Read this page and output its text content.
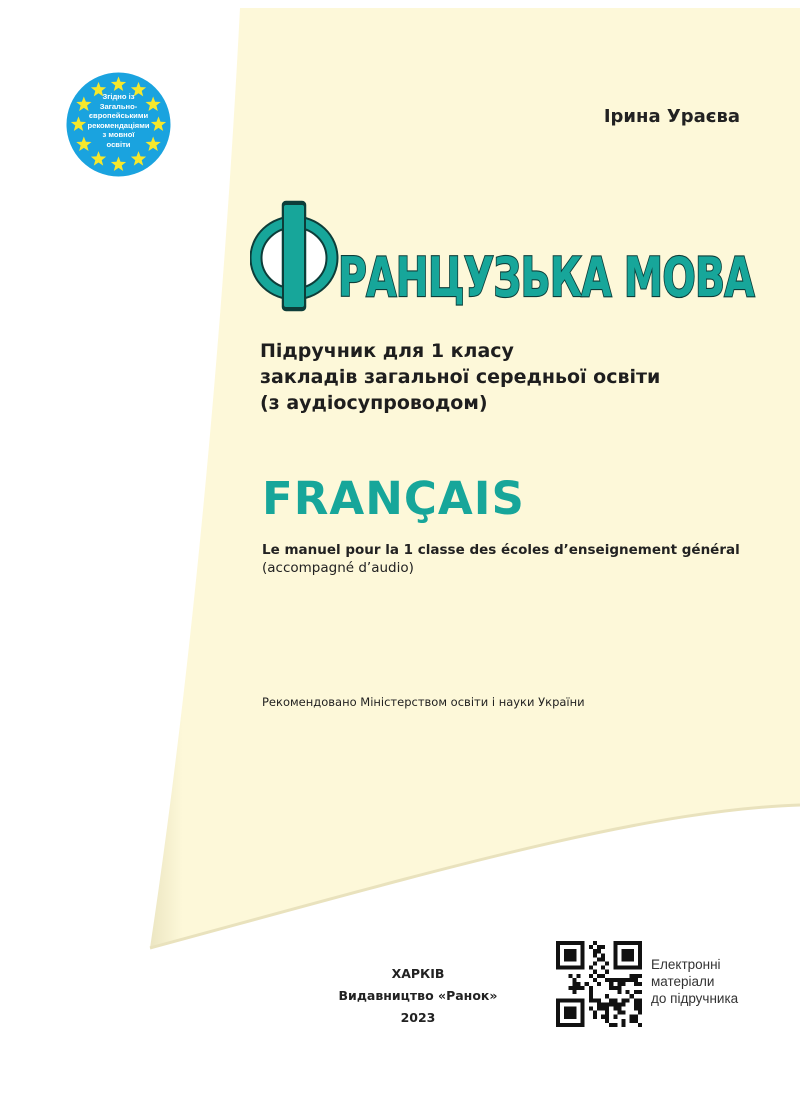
Згідно із
Загально-
європейськими
рекомендаціями
з мовної
освіти
Ірина Ураєва
РАНЦУЗЬКА МОВА
Підручник для 1 класу
закладів загальної середньої освіти
(з аудіосупроводом)
FRANÇAIS
Le manuel pour la 1 classe des écoles d’enseignement général
(accompagné d’audio)
Рекомендовано Міністерством освіти і науки України
ХАРКІВ
Видавництво «Ранок»
2023
Електронні
матеріали
до підручника
